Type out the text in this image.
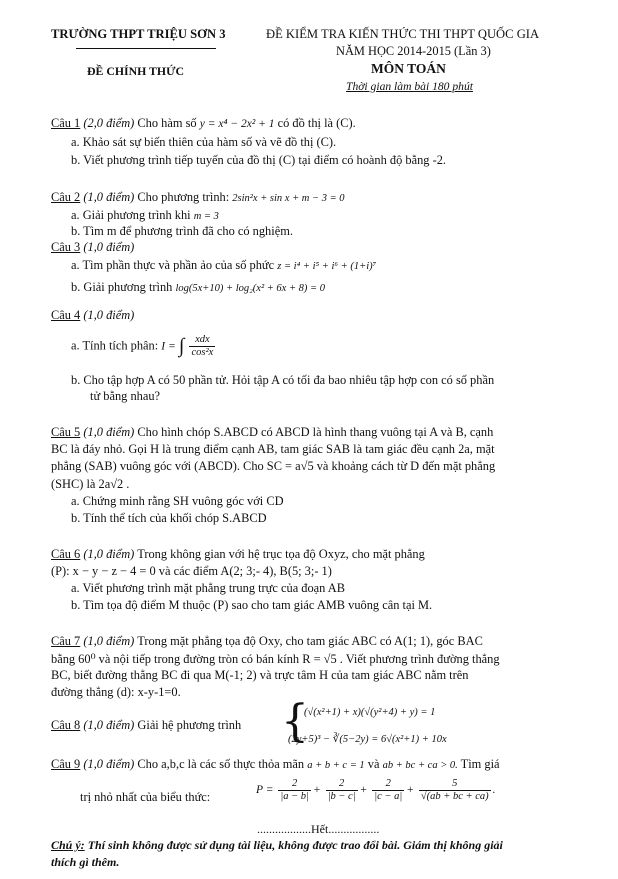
TRƯỜNG THPT TRIỆU SƠN 3	ĐỀ KIỂM TRA KIẾN THỨC THI THPT QUỐC GIA
NĂM HỌC 2014-2015 (Lần 3)
ĐỀ CHÍNH THỨC	MÔN TOÁN
Thời gian làm bài 180 phút
Câu 1 (2,0 điểm) Cho hàm số y = x⁴ − 2x² + 1 có đồ thị là (C).
a. Khảo sát sự biến thiên của hàm số và vẽ đồ thị (C).
b. Viết phương trình tiếp tuyến của đồ thị (C) tại điểm có hoành độ bằng -2.
Câu 2 (1,0 điểm) Cho phương trình: 2sin²x + sin x + m − 3 = 0
a. Giải phương trình khi m = 3
b. Tìm m để phương trình đã cho có nghiệm.
Câu 3 (1,0 điểm)
a. Tìm phần thực và phần ảo của số phức z = i⁴ + i⁵ + i⁶ + (1+i)⁷
b. Giải phương trình log(5x+10) + log₂(x² + 6x + 8) = 0
Câu 4 (1,0 điểm)
a. Tính tích phân: I = ∫ $\frac{\text{xdx}}{\text{cos²x}}$
b. Cho tập hợp A có 50 phần tử. Hỏi tập A có tối đa bao nhiêu tập hợp con có số phần
tử bằng nhau?
Câu 5 (1,0 điểm) Cho hình chóp S.ABCD có ABCD là hình thang vuông tại A và B, cạnh
BC là đáy nhỏ. Gọi H là trung điểm cạnh AB, tam giác SAB là tam giác đều cạnh 2a, mặt
phẳng (SAB) vuông góc với (ABCD). Cho SC = a√5 và khoảng cách từ D đến mặt phẳng
(SHC) là 2a√2 .
a. Chứng minh rằng SH vuông góc với CD
b. Tính thể tích của khối chóp S.ABCD
Câu 6 (1,0 điểm) Trong không gian với hệ trục tọa độ Oxyz, cho mặt phẳng
(P): x − y − z − 4 = 0 và các điểm A(2; 3;- 4), B(5; 3;- 1)
a. Viết phương trình mặt phẳng trung trực của đoạn AB
b. Tìm tọa độ điểm M thuộc (P) sao cho tam giác AMB vuông cân tại M.
Câu 7 (1,0 điểm) Trong mặt phẳng tọa độ Oxy, cho tam giác ABC có A(1; 1), góc BAC
bằng 60⁰ và nội tiếp trong đường tròn có bán kính R = √5 . Viết phương trình đường thẳng
BC, biết đường thẳng BC đi qua M(-1; 2) và trực tâm H của tam giác ABC nằm trên
đường thẳng (d): x-y-1=0.
Câu 8 (1,0 điểm) Giải hệ phương trình {
(√(x²+1) + x)(√(y²+4) + y) = 1
(2y+5)³ − ∛(5−2y) = 6√(x²+1) + 10x
Câu 9 (1,0 điểm) Cho a,b,c là các số thực thỏa mãn a + b + c = 1 và ab + bc + ca > 0. Tìm giá
trị nhỏ nhất của biểu thức:	$P = \frac{2}{|a - b|} + \frac{2}{|b - c|} + \frac{2}{|c - a|} + \frac{5}{√(ab + bc + ca)}$ .
..................Hết.................
Chú ý: Thí sinh không được sử dụng tài liệu, không được trao đổi bài. Giám thị không giải
thích gì thêm.
